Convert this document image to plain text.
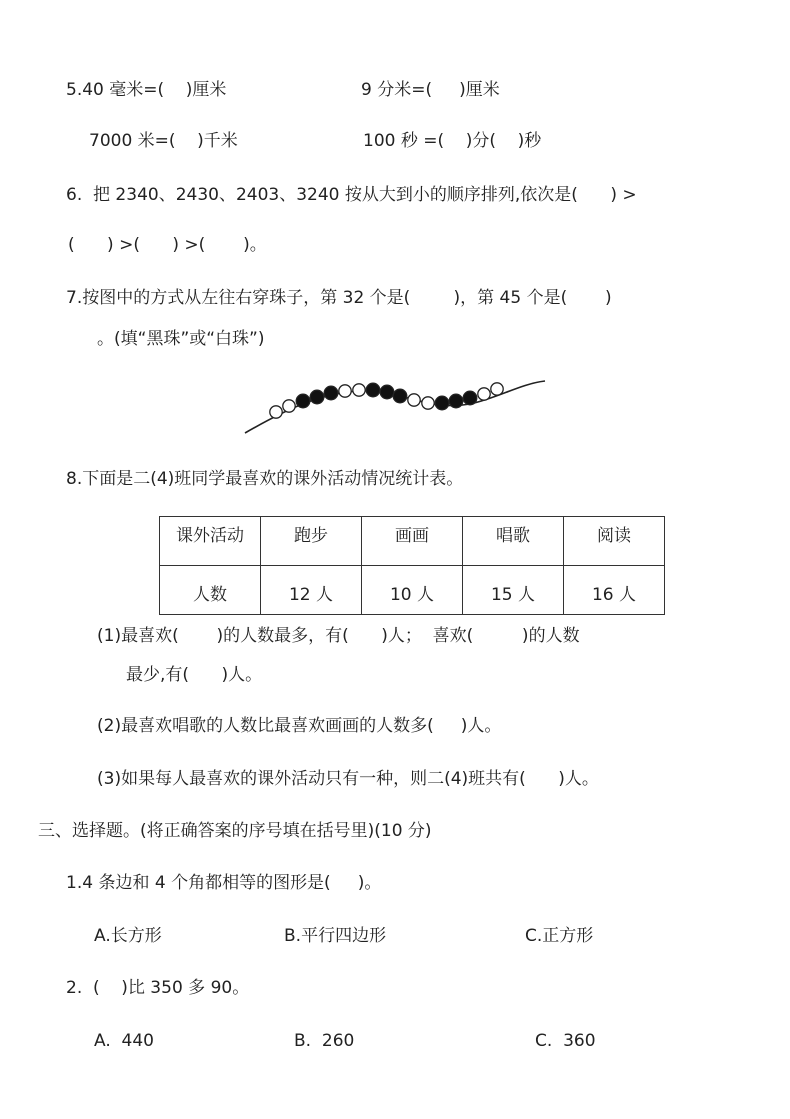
5.40 毫米=(    )厘米	9 分米=(     )厘米
7000 米=(    )千米	100 秒 =(    )分(    )秒
6.  把 2340、2430、2403、3240 按从大到小的顺序排列,依次是(      ) >
(      ) >(      ) >(       )。
7.按图中的方式从左往右穿珠子，第 32 个是(        )，第 45 个是(       )
。(填“黑珠”或“白珠”)
8.下面是二(4)班同学最喜欢的课外活动情况统计表。
课外活动	跑步	画画	唱歌	阅读
人数	12 人	10 人	15 人	16 人
(1)最喜欢(       )的人数最多，有(      )人；  喜欢(         )的人数
最少,有(      )人。
(2)最喜欢唱歌的人数比最喜欢画画的人数多(     )人。
(3)如果每人最喜欢的课外活动只有一种，则二(4)班共有(      )人。
三、选择题。(将正确答案的序号填在括号里)(10 分)
1.4 条边和 4 个角都相等的图形是(     )。
A.长方形	B.平行四边形	C.正方形
2.  (    )比 350 多 90。
A.  440	B.  260	C.  360
